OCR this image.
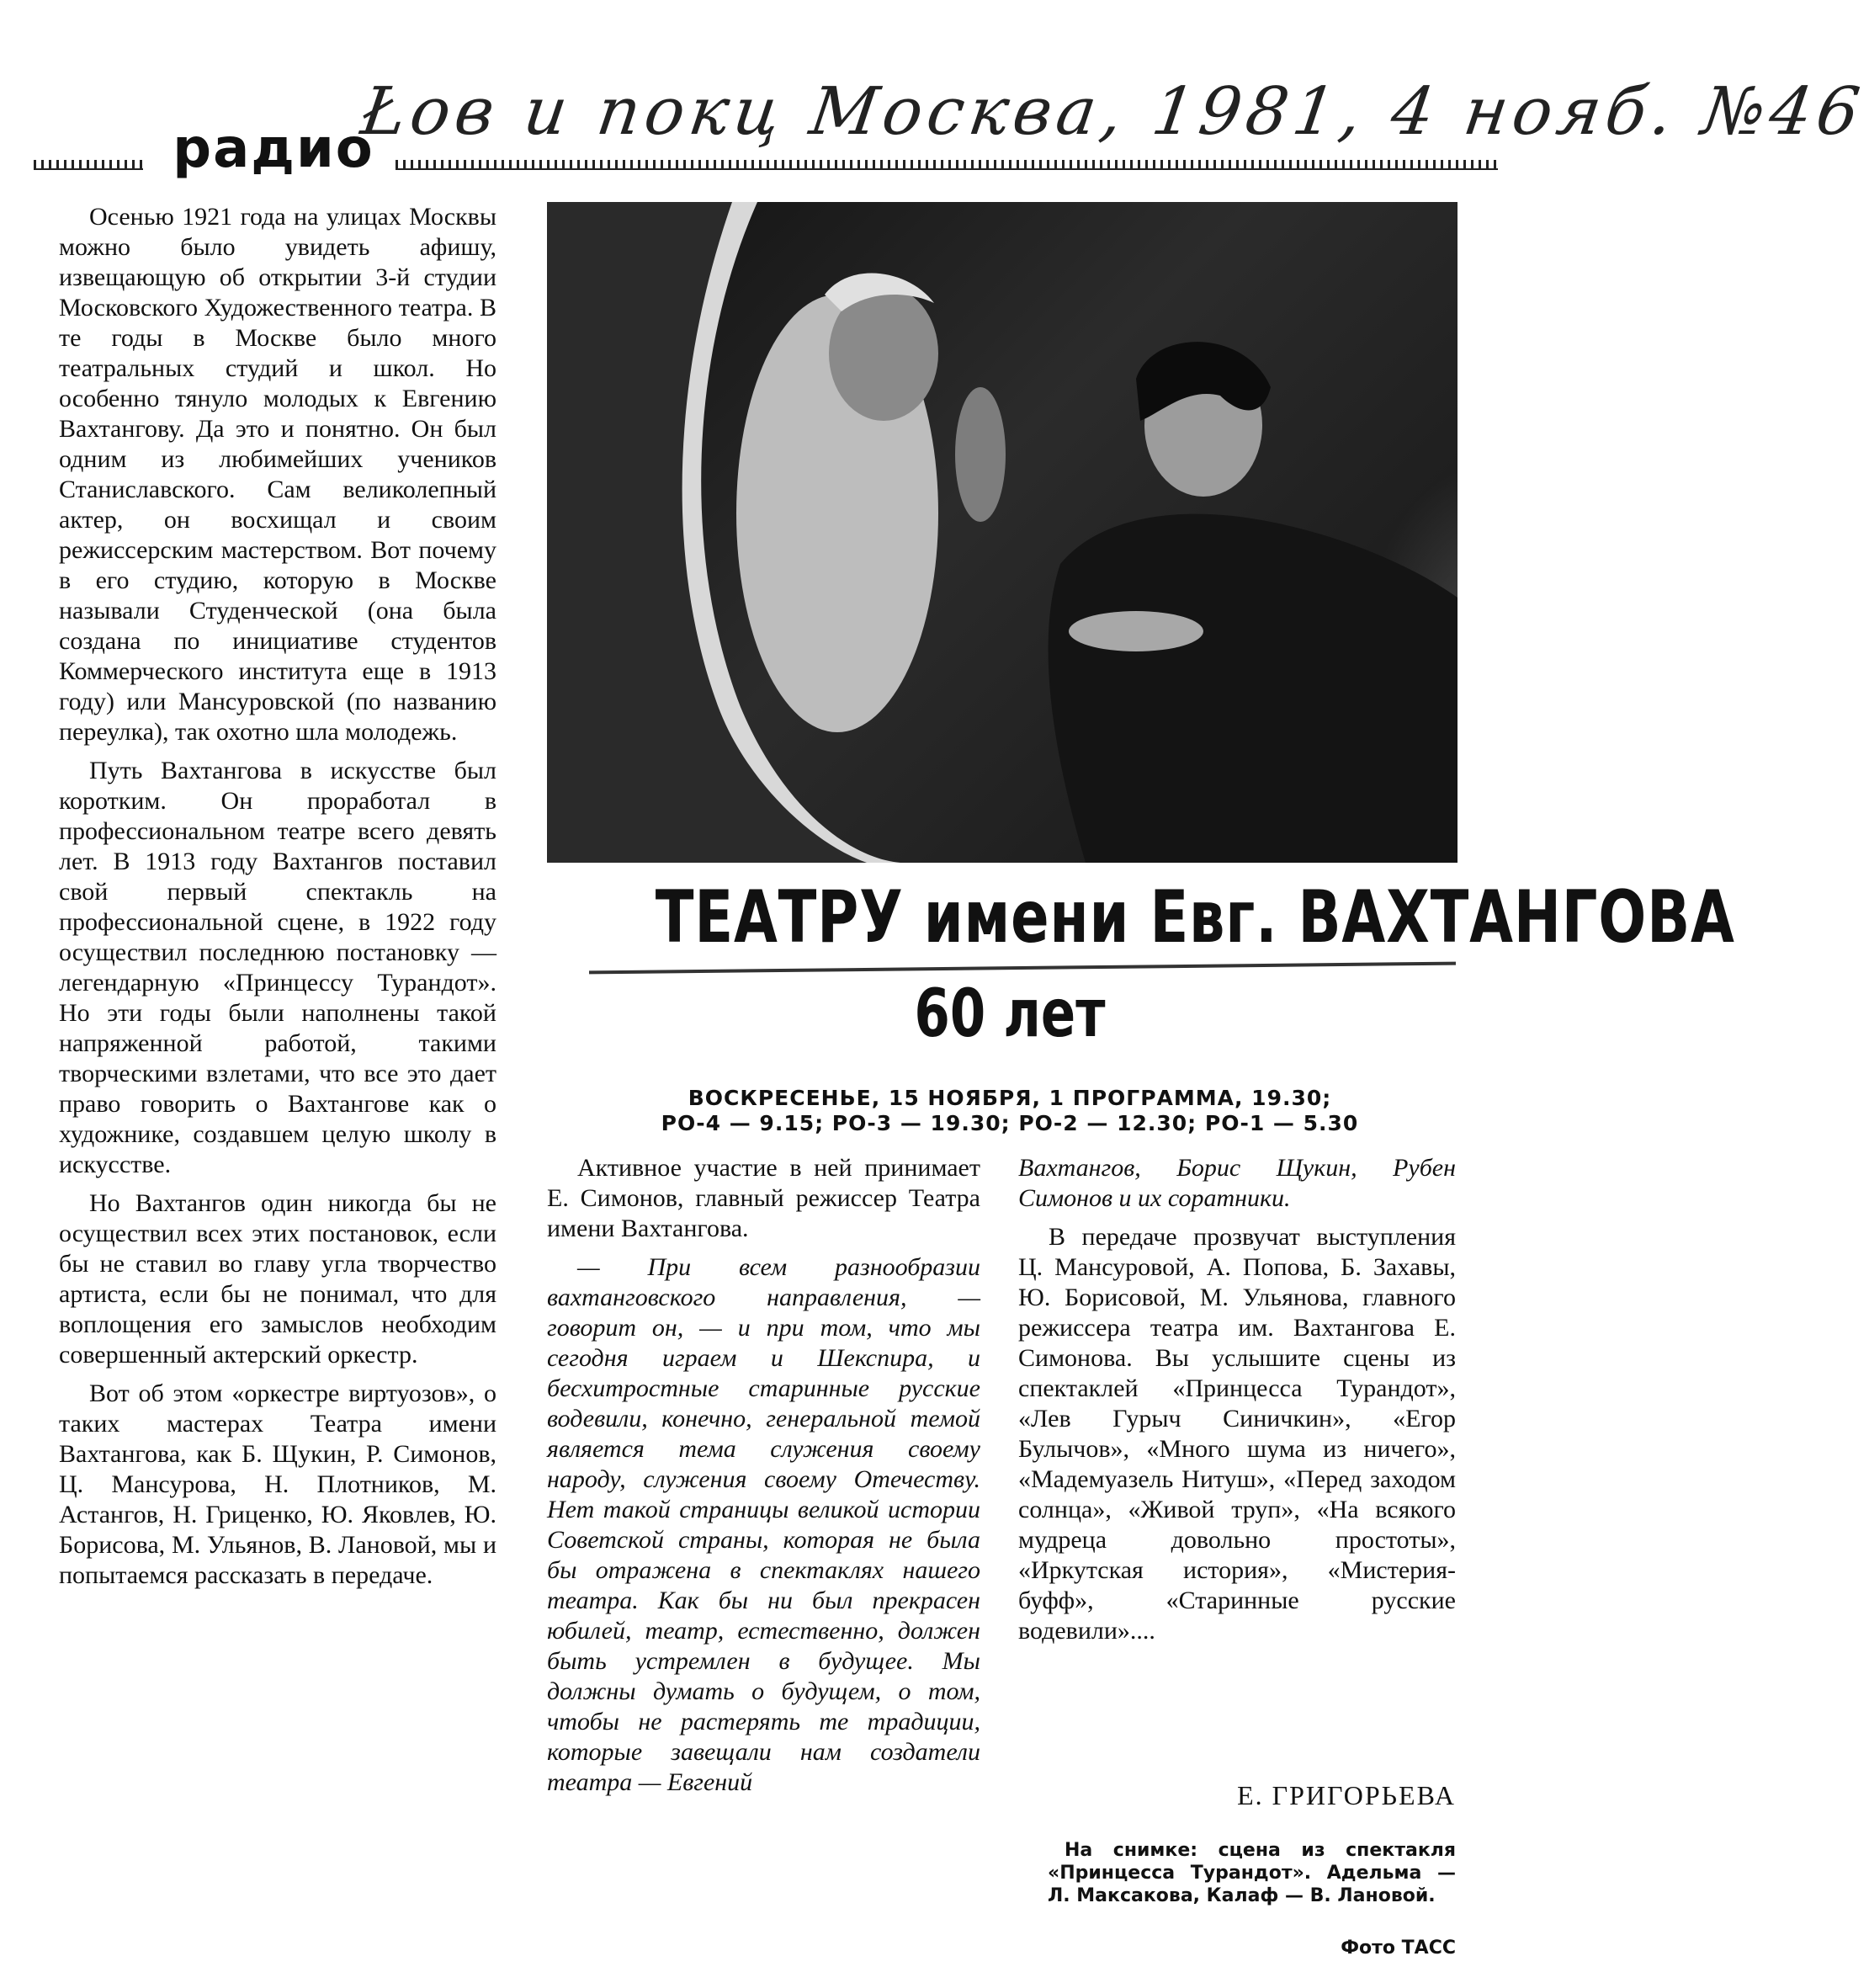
Łов и покц Москва, 1981, 4 нояб. №46
радио

Осенью 1921 года на улицах Москвы можно было увидеть афишу, извещающую об открытии 3-й студии Московского Художественного театра. В те годы в Москве было много театральных студий и школ. Но особенно тянуло молодых к Евгению Вахтангову. Да это и понятно. Он был одним из любимейших учеников Станиславского. Сам великолепный актер, он восхищал и своим режиссерским мастерством. Вот почему в его студию, которую в Москве называли Студенческой (она была создана по инициативе студентов Коммерческого института еще в 1913 году) или Мансуровской (по названию переулка), так охотно шла молодежь.

Путь Вахтангова в искусстве был коротким. Он проработал в профессиональном театре всего девять лет. В 1913 году Вахтангов поставил свой первый спектакль на профессиональной сцене, в 1922 году осуществил последнюю постановку — легендарную «Принцессу Турандот». Но эти годы были наполнены такой напряженной работой, такими творческими взлетами, что все это дает право говорить о Вахтангове как о художнике, создавшем целую школу в искусстве.

Но Вахтангов один никогда бы не осуществил всех этих постановок, если бы не ставил во главу угла творчество артиста, если бы не понимал, что для воплощения его замыслов необходим совершенный актерский оркестр.

Вот об этом «оркестре виртуозов», о таких мастерах Театра имени Вахтангова, как Б. Щукин, Р. Симонов, Ц. Мансурова, Н. Плотников, М. Астангов, Н. Гриценко, Ю. Яковлев, Ю. Борисова, М. Ульянов, В. Лановой, мы и попытаемся рассказать в передаче.

ТЕАТРУ имени Евг. ВАХТАНГОВА
60 лет
ВОСКРЕСЕНЬЕ, 15 НОЯБРЯ, 1 ПРОГРАММА, 19.30;
РО-4 — 9.15; РО-3 — 19.30; РО-2 — 12.30; РО-1 — 5.30

Активное участие в ней принимает Е. Симонов, главный режиссер Театра имени Вахтангова.

— При всем разнообразии вахтанговского направления, — говорит он, — и при том, что мы сегодня играем и Шекспира, и бесхитростные старинные русские водевили, конечно, генеральной темой является тема служения своему народу, служения своему Отечеству. Нет такой страницы великой истории Советской страны, которая не была бы отражена в спектаклях нашего театра. Как бы ни был прекрасен юбилей, театр, естественно, должен быть устремлен в будущее. Мы должны думать о будущем, о том, чтобы не растерять те традиции, которые завещали нам создатели театра — Евгений

Вахтангов, Борис Щукин, Рубен Симонов и их соратники.

В передаче прозвучат выступления Ц. Мансуровой, А. Попова, Б. Захавы, Ю. Борисовой, М. Ульянова, главного режиссера театра им. Вахтангова Е. Симонова. Вы услышите сцены из спектаклей «Принцесса Турандот», «Лев Гурыч Синичкин», «Егор Булычов», «Много шума из ничего», «Мадемуазель Нитуш», «Перед заходом солнца», «Живой труп», «На всякого мудреца довольно простоты», «Иркутская история», «Мистерия-буфф», «Старинные русские водевили»....

Е. ГРИГОРЬЕВА
На снимке: сцена из спектакля «Принцесса Турандот». Адельма — Л. Максакова, Калаф — В. Лановой.
Фото ТАСС
